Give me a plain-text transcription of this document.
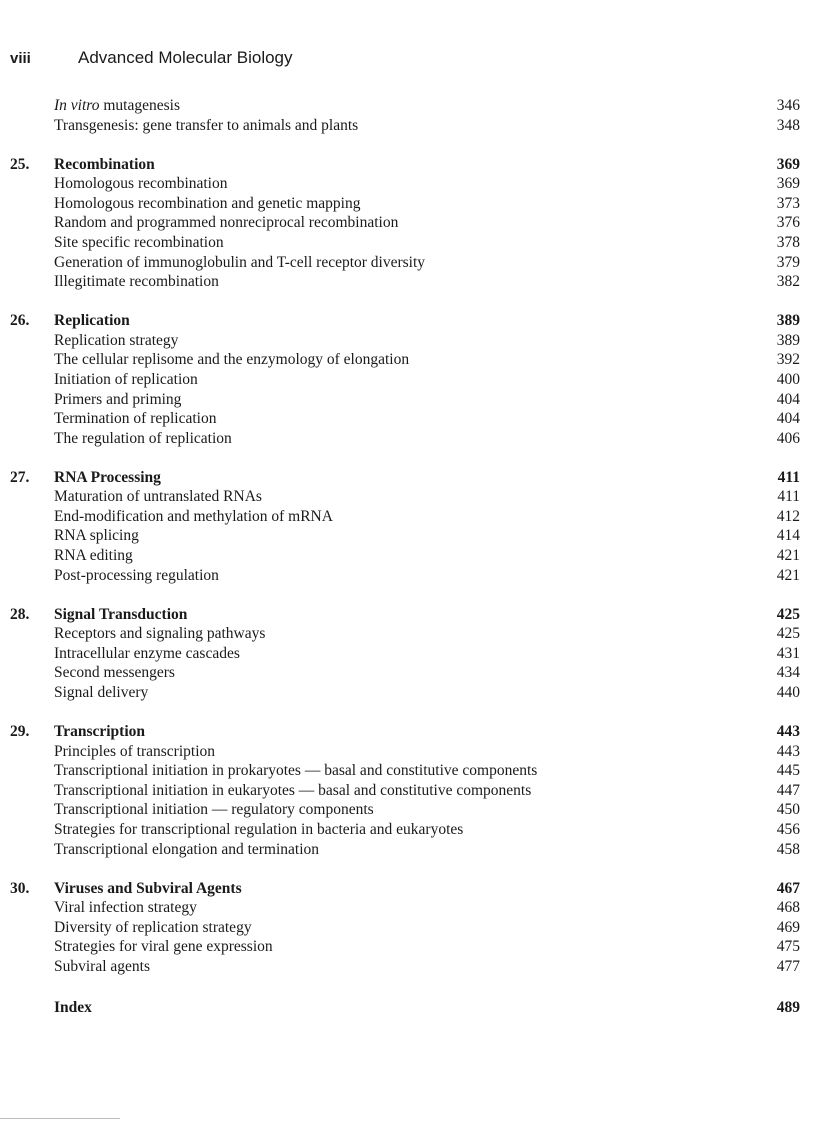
viii	Advanced Molecular Biology
In vitro mutagenesis	346
Transgenesis: gene transfer to animals and plants	348
25. Recombination	369
Homologous recombination	369
Homologous recombination and genetic mapping	373
Random and programmed nonreciprocal recombination	376
Site specific recombination	378
Generation of immunoglobulin and T-cell receptor diversity	379
Illegitimate recombination	382
26. Replication	389
Replication strategy	389
The cellular replisome and the enzymology of elongation	392
Initiation of replication	400
Primers and priming	404
Termination of replication	404
The regulation of replication	406
27. RNA Processing	411
Maturation of untranslated RNAs	411
End-modification and methylation of mRNA	412
RNA splicing	414
RNA editing	421
Post-processing regulation	421
28. Signal Transduction	425
Receptors and signaling pathways	425
Intracellular enzyme cascades	431
Second messengers	434
Signal delivery	440
29. Transcription	443
Principles of transcription	443
Transcriptional initiation in prokaryotes — basal and constitutive components	445
Transcriptional initiation in eukaryotes — basal and constitutive components	447
Transcriptional initiation — regulatory components	450
Strategies for transcriptional regulation in bacteria and eukaryotes	456
Transcriptional elongation and termination	458
30. Viruses and Subviral Agents	467
Viral infection strategy	468
Diversity of replication strategy	469
Strategies for viral gene expression	475
Subviral agents	477
Index	489
